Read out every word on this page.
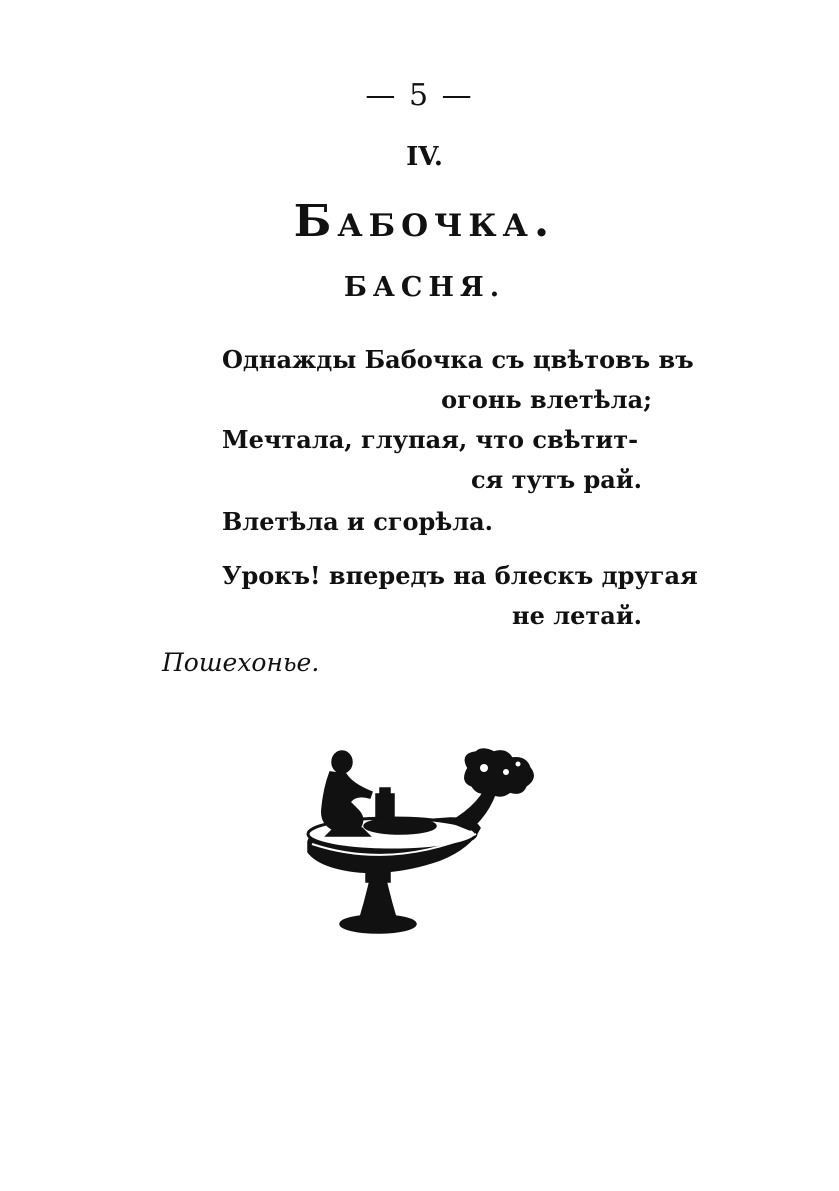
— 5 —
IV.
Бабочка.
БАСНЯ.
Однажды Бабочка съ цвѣтовъ въ
огонь влетѣла;
Мечтала, глупая, что свѣтит-
ся тутъ рай.
Влетѣла и сгорѣла.
Урокъ! впередъ на блескъ другая
не летай.
Пошехонье.
